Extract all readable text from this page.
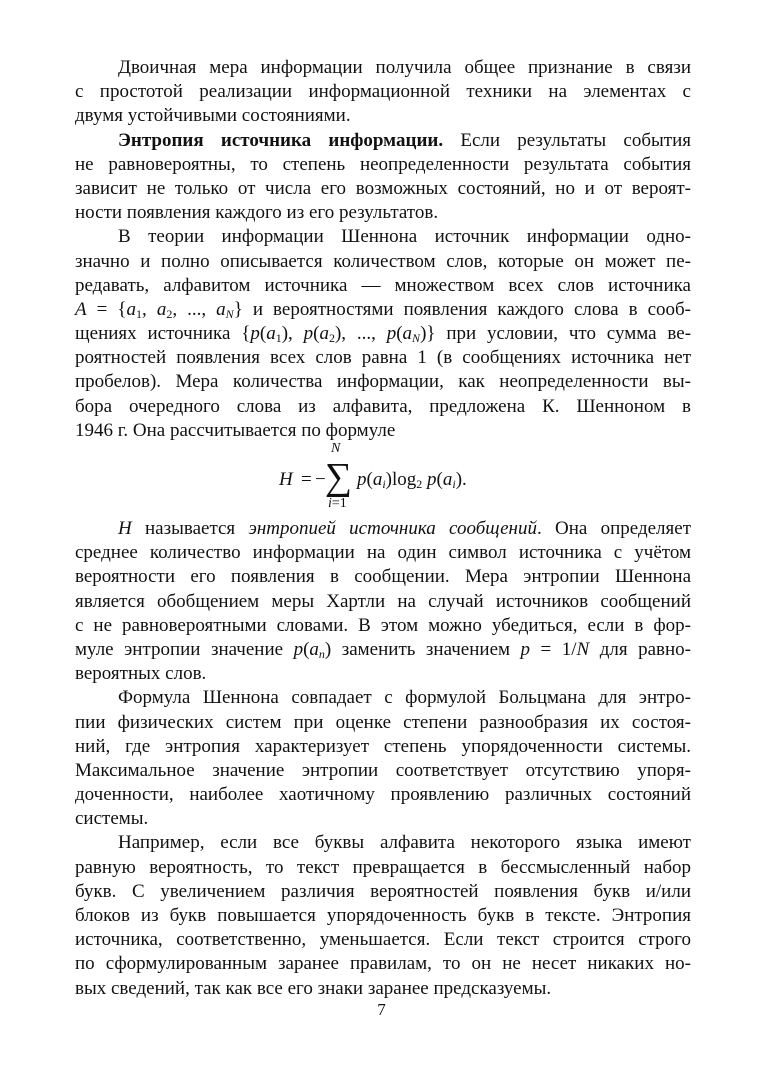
Двоичная мера информации получила общее признание в связи
с простотой реализации информационной техники на элементах с
двумя устойчивыми состояниями.
Энтропия источника информации. Если результаты события
не равновероятны, то степень неопределенности результата события
зависит не только от числа его возможных состояний, но и от вероят-
ности появления каждого из его результатов.
В теории информации Шеннона источник информации одно-
значно и полно описывается количеством слов, которые он может пе-
редавать, алфавитом источника — множеством всех слов источника
$A = \{a_1$, $a_2$, ..., $a_N$} и вероятностями появления каждого слова в сооб-
щениях источника {$p(a_1)$, $p(a_2)$, ..., $p(a_N)$} при условии, что сумма ве-
роятностей появления всех слов равна 1 (в сообщениях источника нет
пробелов). Мера количества информации, как неопределенности вы-
бора очередного слова из алфавита, предложена К. Шенноном в
1946 г. Она рассчитывается по формуле
H = − ∑
N
i=1
$p(a_i)\log_2$ $p(a_i)$.
H называется энтропией источника сообщений. Она определяет
среднее количество информации на один символ источника с учётом
вероятности его появления в сообщении. Мера энтропии Шеннона
является обобщением меры Хартли на случай источников сообщений
с не равновероятными словами. В этом можно убедиться, если в фор-
муле энтропии значение $p(a_n)$ заменить значением p = 1/N для равно-
вероятных слов.
Формула Шеннона совпадает с формулой Больцмана для энтро-
пии физических систем при оценке степени разнообразия их состоя-
ний, где энтропия характеризует степень упорядоченности системы.
Максимальное значение энтропии соответствует отсутствию упоря-
доченности, наиболее хаотичному проявлению различных состояний
системы.
Например, если все буквы алфавита некоторого языка имеют
равную вероятность, то текст превращается в бессмысленный набор
букв. С увеличением различия вероятностей появления букв и/или
блоков из букв повышается упорядоченность букв в тексте. Энтропия
источника, соответственно, уменьшается. Если текст строится строго
по сформулированным заранее правилам, то он не несет никаких но-
вых сведений, так как все его знаки заранее предсказуемы.
7
